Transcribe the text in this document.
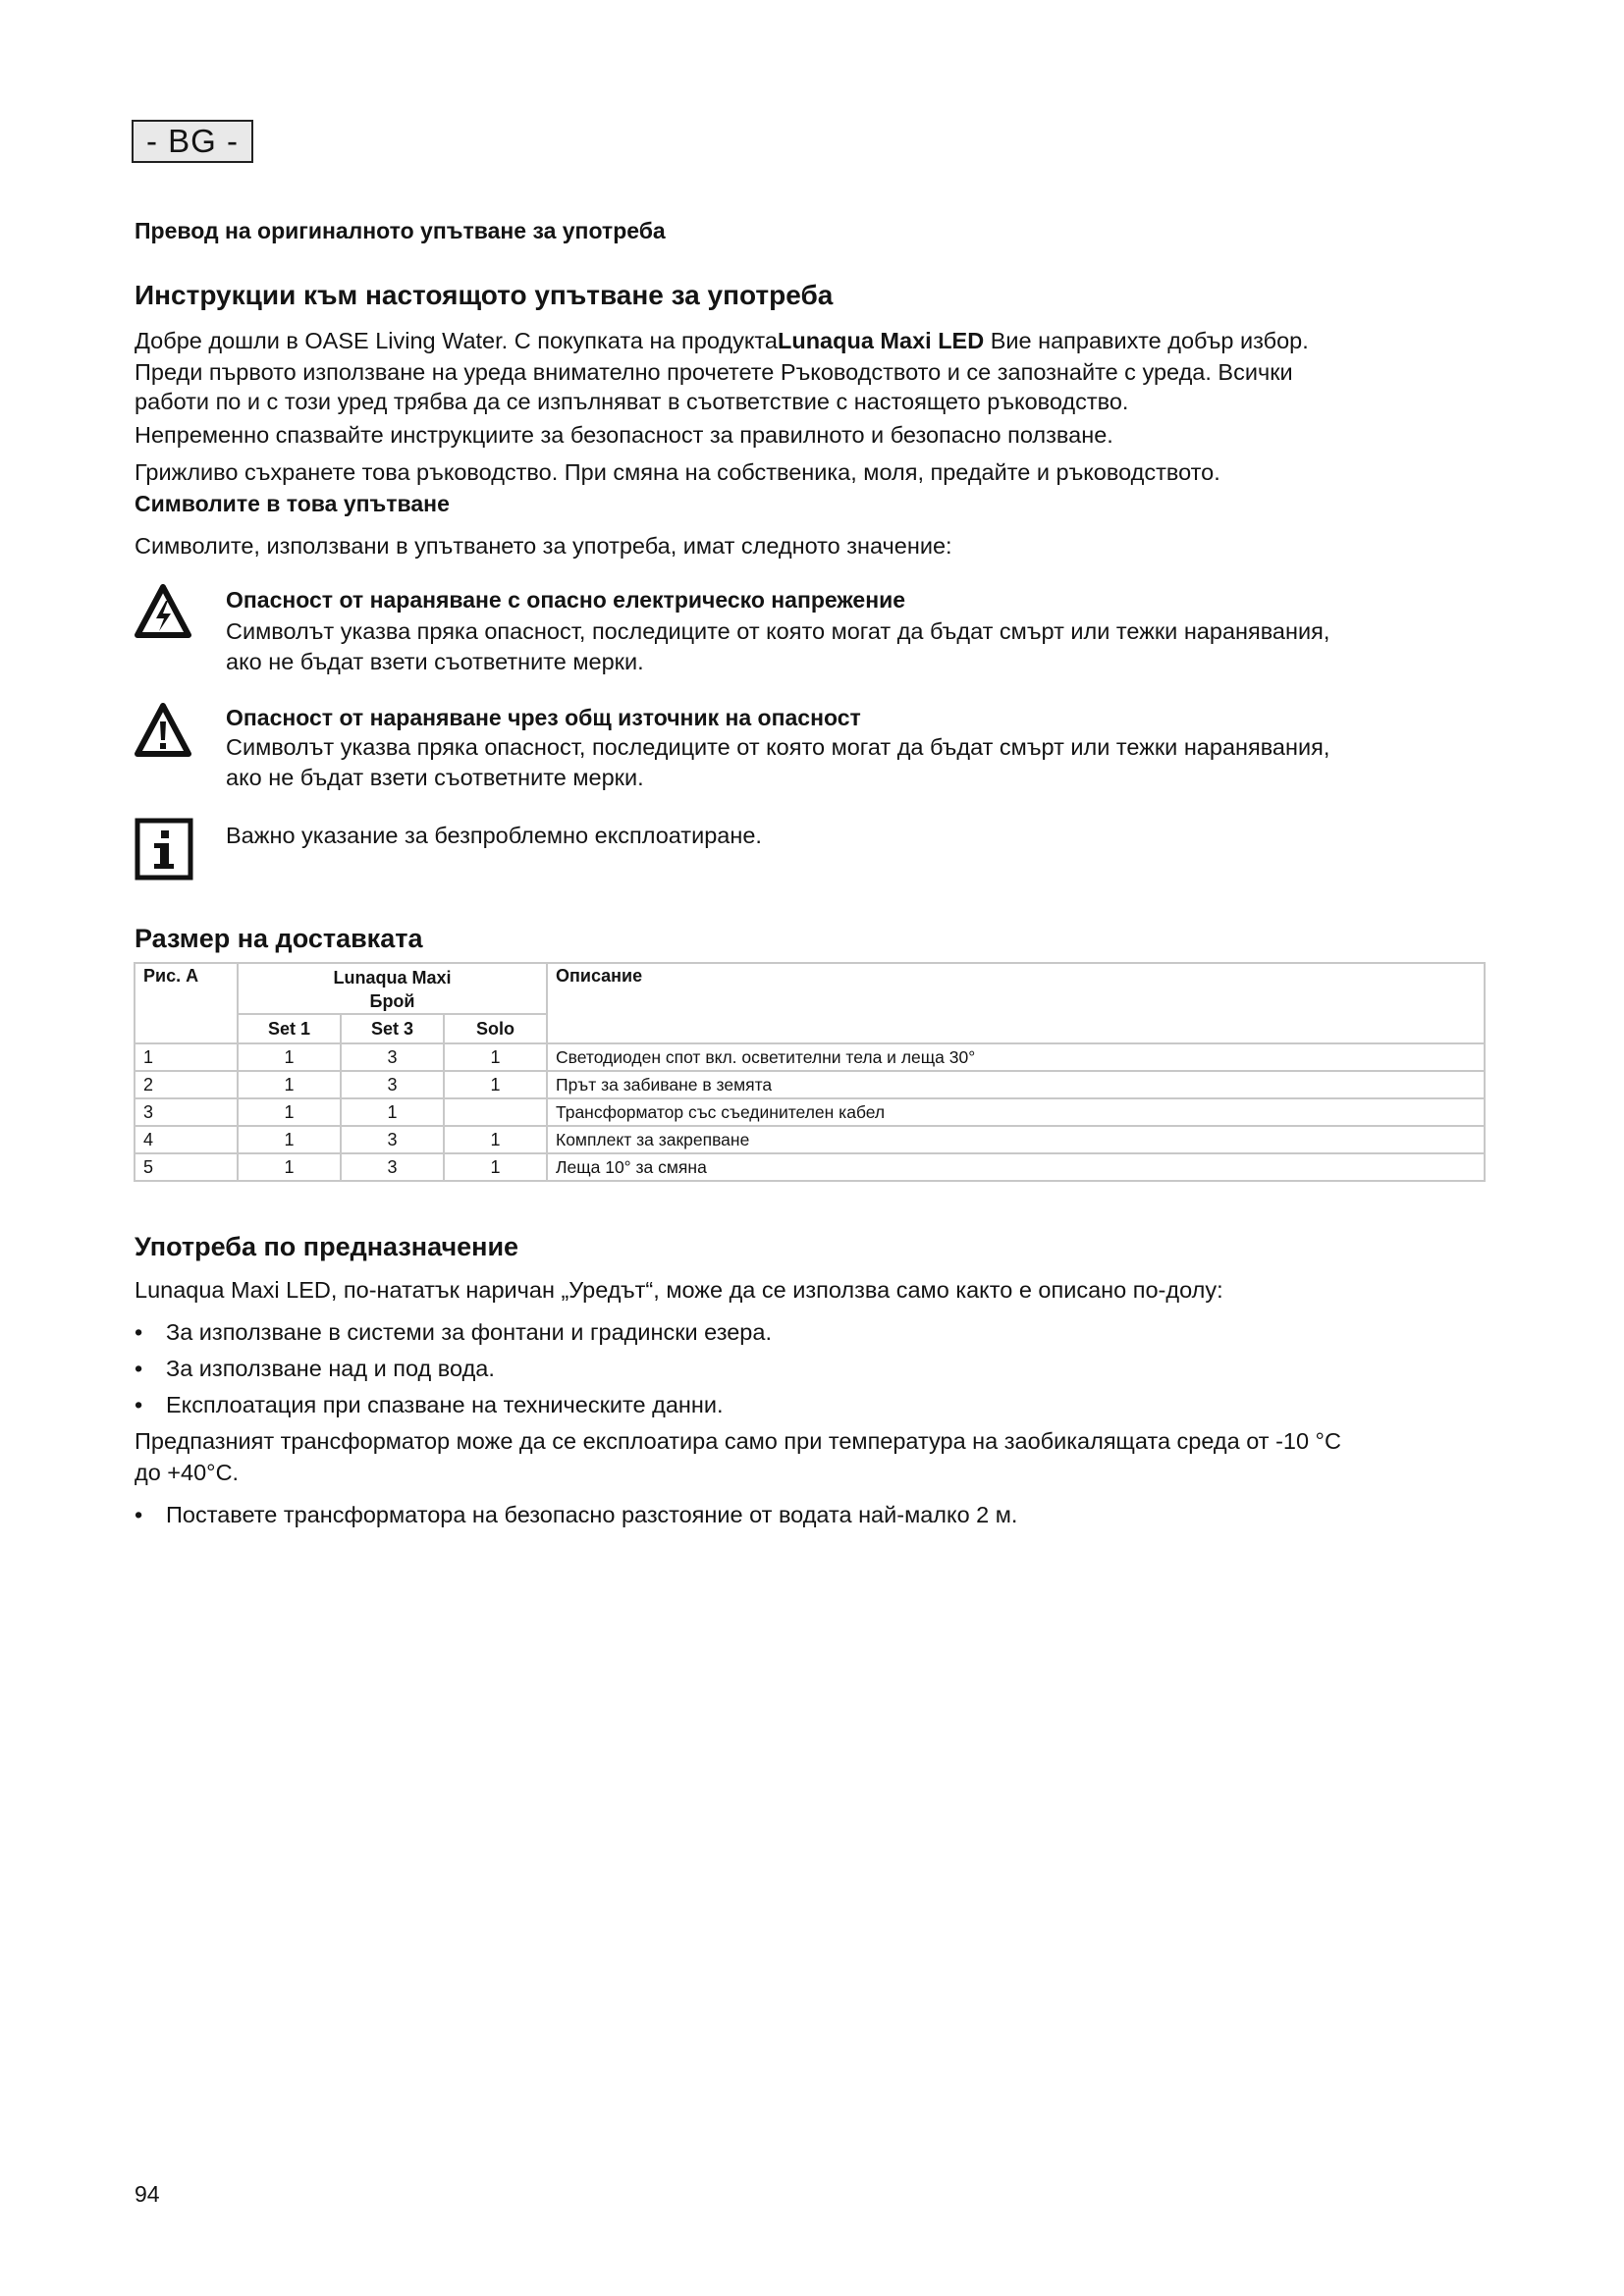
- BG -
Превод на оригиналното упътване за употреба
Инструкции към настоящото упътване за употреба
Добре дошли в OASE Living Water. С покупката на продуктаLunaqua Maxi LED Вие направихте добър избор.
Преди първото използване на уреда внимателно прочетете Ръководството и се запознайте с уреда. Всички
работи по и с този уред трябва да се изпълняват в съответствие с настоящето ръководство.
Непременно спазвайте инструкциите за безопасност за правилното и безопасно ползване.
Грижливо съхранете това ръководство. При смяна на собственика, моля, предайте и ръководството.
Символите в това упътване
Символите, използвани в упътването за употреба, имат следното значение:
Опасност от нараняване с опасно електрическо напрежение
Символът указва пряка опасност, последиците от която могат да бъдат смърт или тежки наранявания,
ако не бъдат взети съответните мерки.
Опасност от нараняване чрез общ източник на опасност
Символът указва пряка опасност, последиците от която могат да бъдат смърт или тежки наранявания,
ако не бъдат взети съответните мерки.
Важно указание за безпроблемно експлоатиране.
Размер на доставката
Рис. A	Lunaqua Maxi
Брой			Описание
	Set 1	Set 3	Solo	
1	1	3	1	Светодиоден спот вкл. осветителни тела и леща 30°
2	1	3	1	Прът за забиване в земята
3	1	1		Трансформатор със съединителен кабел
4	1	3	1	Комплект за закрепване
5	1	3	1	Леща 10° за смяна
Употреба по предназначение
Lunaqua Maxi LED, по-нататък наричан „Уредът“, може да се използва само както е описано по-долу:
• За използване в системи за фонтани и градински езера.
• За използване над и под вода.
• Експлоатация при спазване на техническите данни.
Предпазният трансформатор може да се експлоатира само при температура на заобикалящата среда от -10 °C
до +40°C.
• Поставете трансформатора на безопасно разстояние от водата най-малко 2 м.
94
